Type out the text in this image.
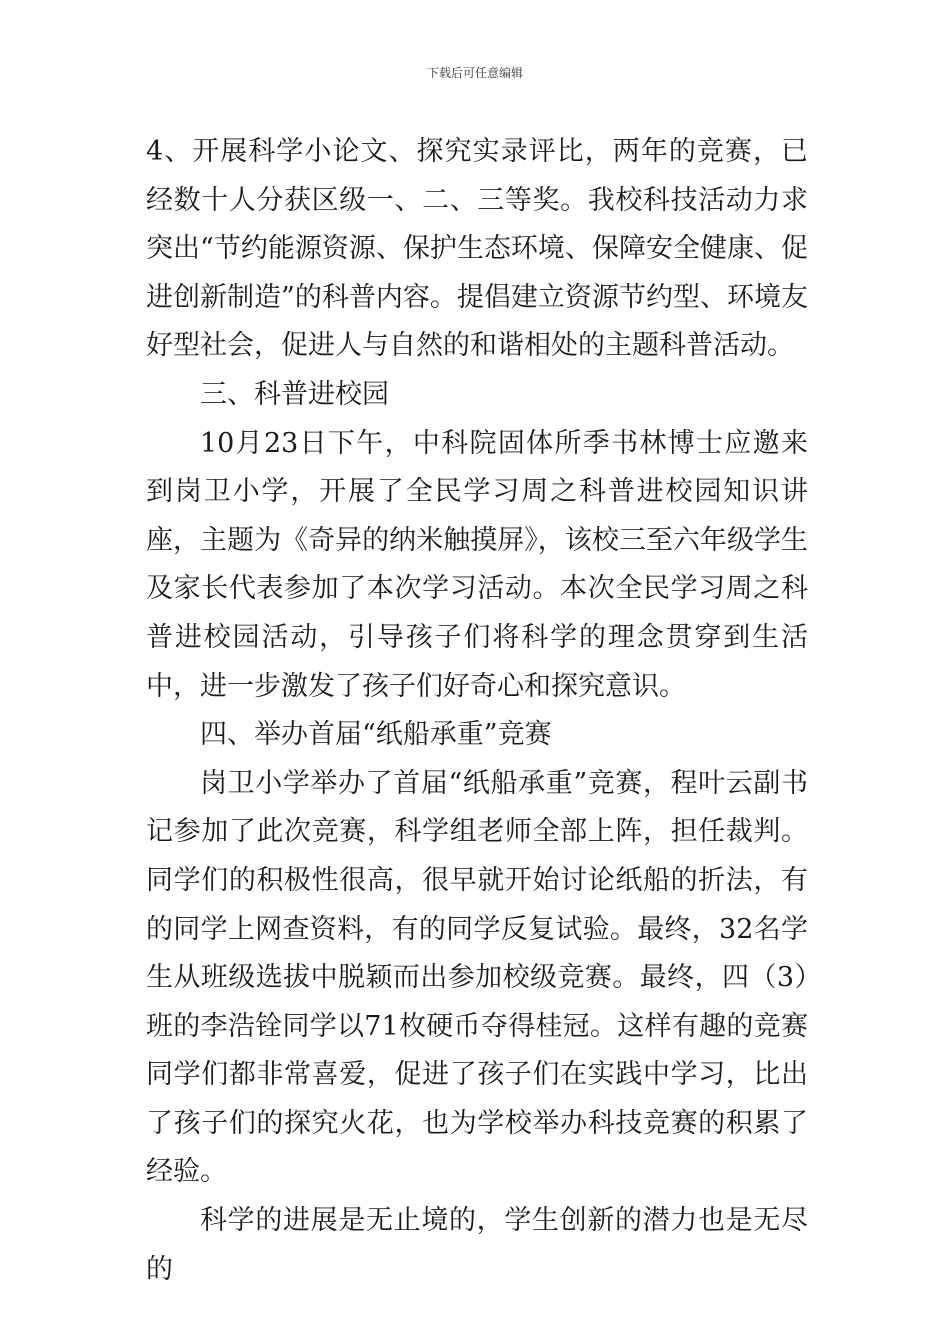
下载后可任意编辑

4、开展科学小论文、探究实录评比，两年的竞赛，已经数十人分获区级一、二、三等奖。我校科技活动力求突出“节约能源资源、保护生态环境、保障安全健康、促进创新制造”的科普内容。提倡建立资源节约型、环境友好型社会，促进人与自然的和谐相处的主题科普活动。

三、科普进校园

10月23日下午，中科院固体所季书林博士应邀来到岗卫小学，开展了全民学习周之科普进校园知识讲座，主题为《奇异的纳米触摸屏》，该校三至六年级学生及家长代表参加了本次学习活动。本次全民学习周之科普进校园活动，引导孩子们将科学的理念贯穿到生活中，进一步激发了孩子们好奇心和探究意识。

四、举办首届“纸船承重”竞赛

岗卫小学举办了首届“纸船承重”竞赛，程叶云副书记参加了此次竞赛，科学组老师全部上阵，担任裁判。同学们的积极性很高，很早就开始讨论纸船的折法，有的同学上网查资料，有的同学反复试验。最终，32名学生从班级选拔中脱颖而出参加校级竞赛。最终，四（3）班的李浩铨同学以71枚硬币夺得桂冠。这样有趣的竞赛同学们都非常喜爱，促进了孩子们在实践中学习，比出了孩子们的探究火花，也为学校举办科技竞赛的积累了经验。

科学的进展是无止境的，学生创新的潜力也是无尽的
